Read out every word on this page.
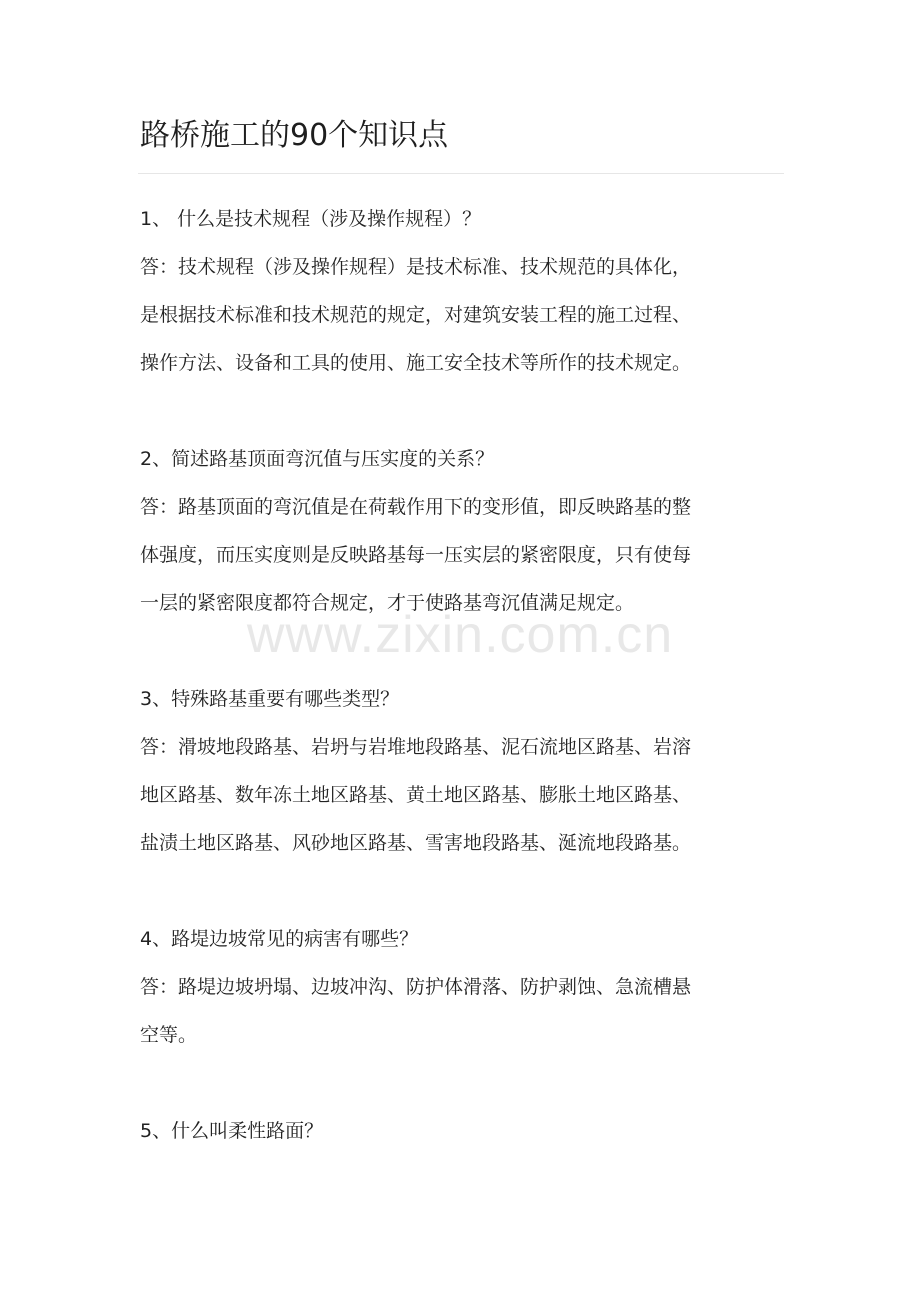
路桥施工的90个知识点

1、 什么是技术规程（涉及操作规程）？

答：技术规程（涉及操作规程）是技术标准、技术规范的具体化，

是根据技术标准和技术规范的规定，对建筑安装工程的施工过程、

操作方法、设备和工具的使用、施工安全技术等所作的技术规定。

2、简述路基顶面弯沉值与压实度的关系？

答：路基顶面的弯沉值是在荷载作用下的变形值，即反映路基的整

体强度，而压实度则是反映路基每一压实层的紧密限度，只有使每

一层的紧密限度都符合规定，才于使路基弯沉值满足规定。

3、特殊路基重要有哪些类型？

答：滑坡地段路基、岩坍与岩堆地段路基、泥石流地区路基、岩溶

地区路基、数年冻土地区路基、黄土地区路基、膨胀土地区路基、

盐渍土地区路基、风砂地区路基、雪害地段路基、涎流地段路基。

4、路堤边坡常见的病害有哪些？

答：路堤边坡坍塌、边坡冲沟、防护体滑落、防护剥蚀、急流槽悬

空等。

5、什么叫柔性路面？

www.zixin.com.cn
